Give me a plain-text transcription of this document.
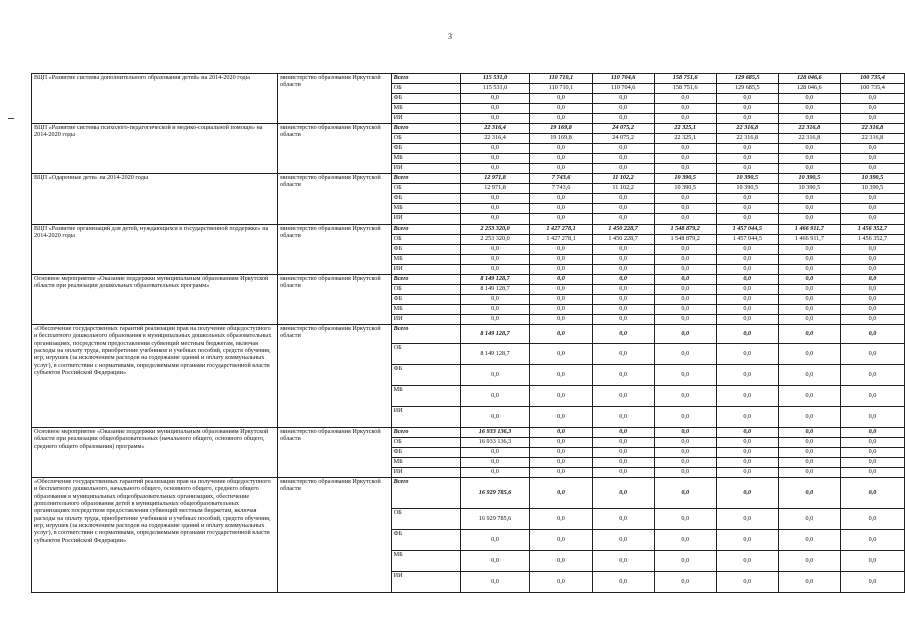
3
ВЦП «Развитие системы дополнительного образования детей» на 2014-2020 годы	министерство образования Иркутской области	Всего	115 531,0	110 710,1	110 704,6	158 751,6	129 685,5	128 046,6	100 735,4
		ОБ	115 531,0	110 710,1	110 704,6	158 751,6	129 685,5	128 046,6	100 735,4
		ФБ	0,0	0,0	0,0	0,0	0,0	0,0	0,0
		МБ	0,0	0,0	0,0	0,0	0,0	0,0	0,0
		ИИ	0,0	0,0	0,0	0,0	0,0	0,0	0,0
ВЦП «Развитие системы психолого-педагогической и медико-социальной помощи» на 2014-2020 годы	министерство образования Иркутской области	Всего	22 316,4	19 169,8	24 075,2	22 325,1	22 316,8	22 316,8	22 316,8
		ОБ	22 316,4	19 169,8	24 075,2	22 325,1	22 316,8	22 316,8	22 316,8
		ФБ	0,0	0,0	0,0	0,0	0,0	0,0	0,0
		МБ	0,0	0,0	0,0	0,0	0,0	0,0	0,0
		ИИ	0,0	0,0	0,0	0,0	0,0	0,0	0,0
ВЦП «Одаренные дети» на 2014-2020 годы	министерство образования Иркутской области	Всего	12 971,8	7 743,6	11 102,2	10 390,5	10 390,5	10 390,5	10 390,5
		ОБ	12 971,8	7 743,6	11 102,2	10 390,5	10 390,5	10 390,5	10 390,5
		ФБ	0,0	0,0	0,0	0,0	0,0	0,0	0,0
		МБ	0,0	0,0	0,0	0,0	0,0	0,0	0,0
		ИИ	0,0	0,0	0,0	0,0	0,0	0,0	0,0
ВЦП «Развитие организаций для детей, нуждающихся в государственной поддержке» на 2014-2020 годы	министерство образования Иркутской области	Всего	2 253 320,0	1 427 278,1	1 450 228,7	1 548 879,2	1 457 044,5	1 466 911,7	1 456 352,7
		ОБ	2 253 320,0	1 427 278,1	1 450 228,7	1 548 879,2	1 457 044,5	1 466 911,7	1 456 352,7
		ФБ	0,0	0,0	0,0	0,0	0,0	0,0	0,0
		МБ	0,0	0,0	0,0	0,0	0,0	0,0	0,0
		ИИ	0,0	0,0	0,0	0,0	0,0	0,0	0,0
Основное мероприятие «Оказание поддержки муниципальным образованиям Иркутской области при реализации дошкольных образовательных программ»	министерство образования Иркутской области	Всего	8 149 128,7	0,0	0,0	0,0	0,0	0,0	0,0
		ОБ	8 149 128,7	0,0	0,0	0,0	0,0	0,0	0,0
		ФБ	0,0	0,0	0,0	0,0	0,0	0,0	0,0
		МБ	0,0	0,0	0,0	0,0	0,0	0,0	0,0
		ИИ	0,0	0,0	0,0	0,0	0,0	0,0	0,0
«Обеспечение государственных гарантий реализации прав на получение общедоступного и бесплатного дошкольного образования в муниципальных дошкольных образовательных организациях, посредством предоставления субвенций местным бюджетам, включая расходы на оплату труда, приобретение учебников и учебных пособий, средств обучения, игр, игрушек (за исключением расходов на содержание зданий и оплату коммунальных услуг), в соответствии с нормативами, определяемыми органами государственной власти субъектов Российской Федерации»	министерство образования Иркутской области	Всего	8 149 128,7	0,0	0,0	0,0	0,0	0,0	0,0
		ОБ	8 149 128,7	0,0	0,0	0,0	0,0	0,0	0,0
		ФБ	0,0	0,0	0,0	0,0	0,0	0,0	0,0
		МБ	0,0	0,0	0,0	0,0	0,0	0,0	0,0
		ИИ	0,0	0,0	0,0	0,0	0,0	0,0	0,0
Основное мероприятие «Оказание поддержки муниципальным образованиям Иркутской области при реализации общеобразовательных (начального общего, основного общего, среднего общего образования) программ»	министерство образования Иркутской области	Всего	16 933 136,3	0,0	0,0	0,0	0,0	0,0	0,0
		ОБ	16 933 136,3	0,0	0,0	0,0	0,0	0,0	0,0
		ФБ	0,0	0,0	0,0	0,0	0,0	0,0	0,0
		МБ	0,0	0,0	0,0	0,0	0,0	0,0	0,0
		ИИ	0,0	0,0	0,0	0,0	0,0	0,0	0,0
«Обеспечение государственных гарантий реализации прав на получение общедоступного и бесплатного дошкольного, начального общего, основного общего, среднего общего образования в муниципальных общеобразовательных организациях, обеспечение дополнительного образования детей в муниципальных общеобразовательных организациях посредством предоставления субвенций местным бюджетам, включая расходы на оплату труда, приобретение учебников и учебных пособий, средств обучения, игр, игрушек (за исключением расходов на содержание зданий и оплату коммунальных услуг), в соответствии с нормативами, определяемыми органами государственной власти субъектов Российской Федерации»	министерство образования Иркутской области	Всего	16 929 785,6	0,0	0,0	0,0	0,0	0,0	0,0
		ОБ	16 929 785,6	0,0	0,0	0,0	0,0	0,0	0,0
		ФБ	0,0	0,0	0,0	0,0	0,0	0,0	0,0
		МБ	0,0	0,0	0,0	0,0	0,0	0,0	0,0
		ИИ	0,0	0,0	0,0	0,0	0,0	0,0	0,0
